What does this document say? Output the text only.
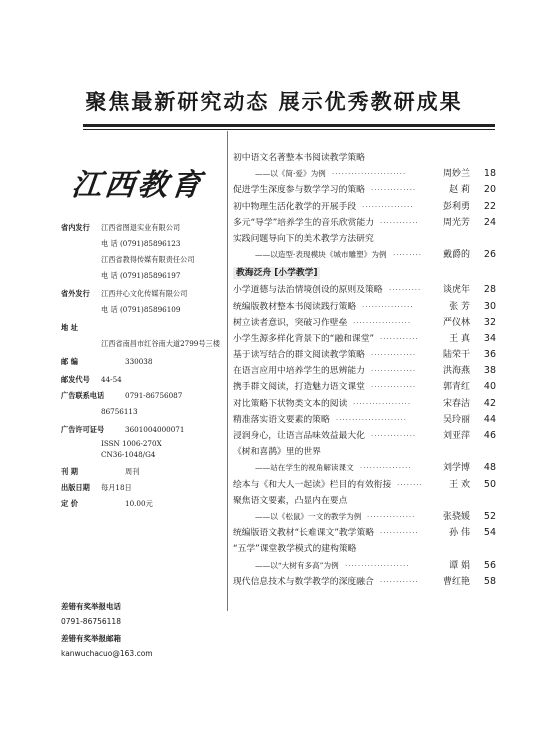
聚焦最新研究动态 展示优秀教研成果
江西教育
省内发行 江西省图退实业有限公司
电 话 (0791)85896123
江西省教得传媒有限责任公司
电 话 (0791)85896197
省外发行 江西井心文化传媒有限公司
电 话 (0791)85896109
地 址
江西省南昌市红谷南大道2799号三楼
邮 编	330038
邮发代号 44-54
广告联系电话	0791-86756087
86756113
广告许可证号	3601004000071
ISSN 1006-270X
CN36-1048/G4
刊 期	周刊
出版日期 每月18日
定 价	10.00元
差错有奖举报电话
0791-86756118
差错有奖举报邮箱
kanwuchacuo@163.com
初中语文名著整本书阅读教学策略
——以《简·爱》为例	周妙兰 18
·······················
促进学生深度参与数学学习的策略	赵 莉 20
··············
初中物理生活化教学的开展手段	彭利勇 22
················
多元“导学”培养学生的音乐欣赏能力	周光芳 24
············
实践问题导向下的美术教学方法研究
——以造型·表现模块《城市雕塑》为例	戴爵的 26
·········
教海泛舟 [小学教学]
小学道德与法治情境创设的原则及策略	谈虎年 28
··········
统编版教材整本书阅读践行策略	张 芳 30
················
树立读者意识，突破习作壁垒	严仪林 32
··················
小学生源多样化背景下的“融和课堂”	王 真 34
············
基于读写结合的群文阅读教学策略	陆荣干 36
··············
在语言应用中培养学生的思辨能力	洪海燕 38
··············
携手群文阅读，打造魅力语文课堂	郭青红 40
··············
对比策略下状物类文本的阅读	宋春洁 42
··················
精准落实语文要素的策略	吴玲丽 44
······················
浸润身心，让语言品味效益最大化	刘亚萍 46
··············
《树和喜鹊》里的世界
——站在学生的视角解读课文	刘学博 48
················
绘本与《和大人一起读》栏目的有效衔接	王 欢 50
········
聚焦语文要素，凸显内在要点
——以《松鼠》一文的教学为例	张骁媛 52
···············
统编版语文教材“长难课文”教学策略	孙 伟 54
············
“五学”课堂教学模式的建构策略
——以“大树有多高”为例	谭 娟 56
····················
现代信息技术与数学教学的深度融合	曹红艳 58
············
